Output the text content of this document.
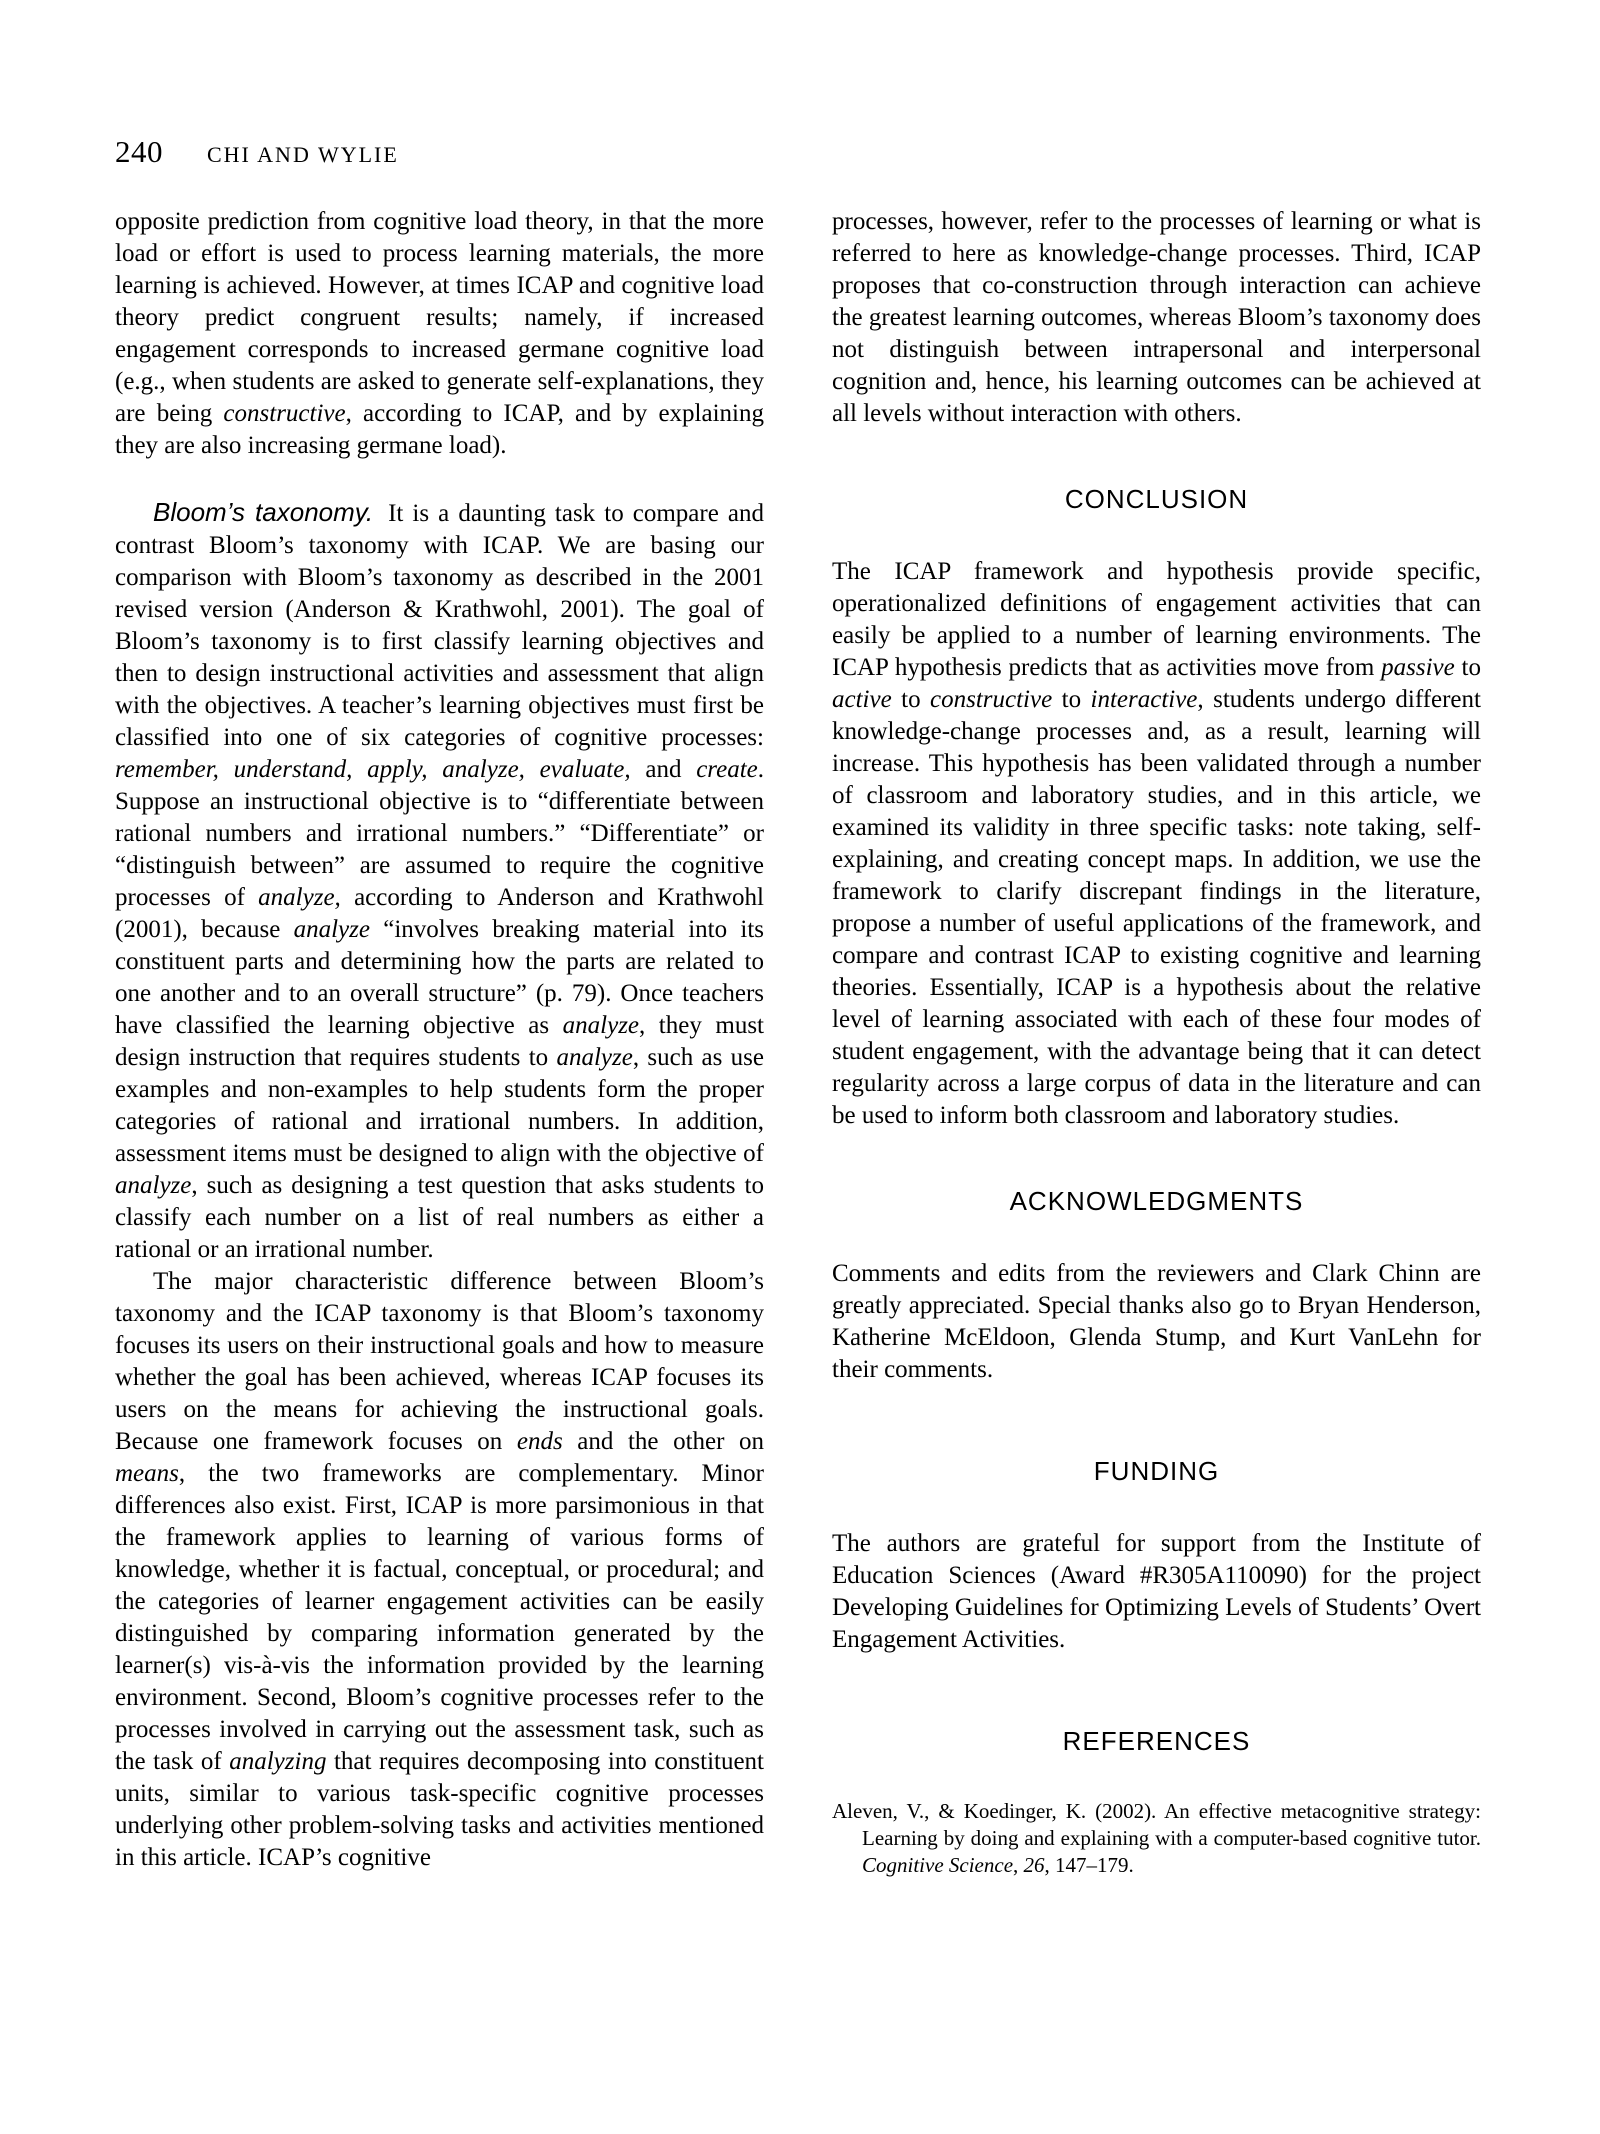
240 CHI AND WYLIE

opposite prediction from cognitive load theory, in that the more load or effort is used to process learning materials, the more learning is achieved. However, at times ICAP and cognitive load theory predict congruent results; namely, if increased engagement corresponds to increased germane cognitive load (e.g., when students are asked to generate self-explanations, they are being constructive, according to ICAP, and by explaining they are also increasing germane load).

Bloom’s taxonomy. It is a daunting task to compare and contrast Bloom’s taxonomy with ICAP. We are basing our comparison with Bloom’s taxonomy as described in the 2001 revised version (Anderson & Krathwohl, 2001). The goal of Bloom’s taxonomy is to first classify learning objectives and then to design instructional activities and assessment that align with the objectives. A teacher’s learning objectives must first be classified into one of six categories of cognitive processes: remember, understand, apply, analyze, evaluate, and create. Suppose an instructional objective is to “differentiate between rational numbers and irrational numbers.” “Differentiate” or “distinguish between” are assumed to require the cognitive processes of analyze, according to Anderson and Krathwohl (2001), because analyze “involves breaking material into its constituent parts and determining how the parts are related to one another and to an overall structure” (p. 79). Once teachers have classified the learning objective as analyze, they must design instruction that requires students to analyze, such as use examples and non-examples to help students form the proper categories of rational and irrational numbers. In addition, assessment items must be designed to align with the objective of analyze, such as designing a test question that asks students to classify each number on a list of real numbers as either a rational or an irrational number.

The major characteristic difference between Bloom’s taxonomy and the ICAP taxonomy is that Bloom’s taxonomy focuses its users on their instructional goals and how to measure whether the goal has been achieved, whereas ICAP focuses its users on the means for achieving the instructional goals. Because one framework focuses on ends and the other on means, the two frameworks are complementary. Minor differences also exist. First, ICAP is more parsimonious in that the framework applies to learning of various forms of knowledge, whether it is factual, conceptual, or procedural; and the categories of learner engagement activities can be easily distinguished by comparing information generated by the learner(s) vis-à-vis the information provided by the learning environment. Second, Bloom’s cognitive processes refer to the processes involved in carrying out the assessment task, such as the task of analyzing that requires decomposing into constituent units, similar to various task-specific cognitive processes underlying other problem-solving tasks and activities mentioned in this article. ICAP’s cognitive

processes, however, refer to the processes of learning or what is referred to here as knowledge-change processes. Third, ICAP proposes that co-construction through interaction can achieve the greatest learning outcomes, whereas Bloom’s taxonomy does not distinguish between intrapersonal and interpersonal cognition and, hence, his learning outcomes can be achieved at all levels without interaction with others.

CONCLUSION

The ICAP framework and hypothesis provide specific, operationalized definitions of engagement activities that can easily be applied to a number of learning environments. The ICAP hypothesis predicts that as activities move from passive to active to constructive to interactive, students undergo different knowledge-change processes and, as a result, learning will increase. This hypothesis has been validated through a number of classroom and laboratory studies, and in this article, we examined its validity in three specific tasks: note taking, self-explaining, and creating concept maps. In addition, we use the framework to clarify discrepant findings in the literature, propose a number of useful applications of the framework, and compare and contrast ICAP to existing cognitive and learning theories. Essentially, ICAP is a hypothesis about the relative level of learning associated with each of these four modes of student engagement, with the advantage being that it can detect regularity across a large corpus of data in the literature and can be used to inform both classroom and laboratory studies.

ACKNOWLEDGMENTS

Comments and edits from the reviewers and Clark Chinn are greatly appreciated. Special thanks also go to Bryan Henderson, Katherine McEldoon, Glenda Stump, and Kurt VanLehn for their comments.

FUNDING

The authors are grateful for support from the Institute of Education Sciences (Award #R305A110090) for the project Developing Guidelines for Optimizing Levels of Students’ Overt Engagement Activities.

REFERENCES

Aleven, V., & Koedinger, K. (2002). An effective metacognitive strategy: Learning by doing and explaining with a computer-based cognitive tutor. Cognitive Science, 26, 147–179.
